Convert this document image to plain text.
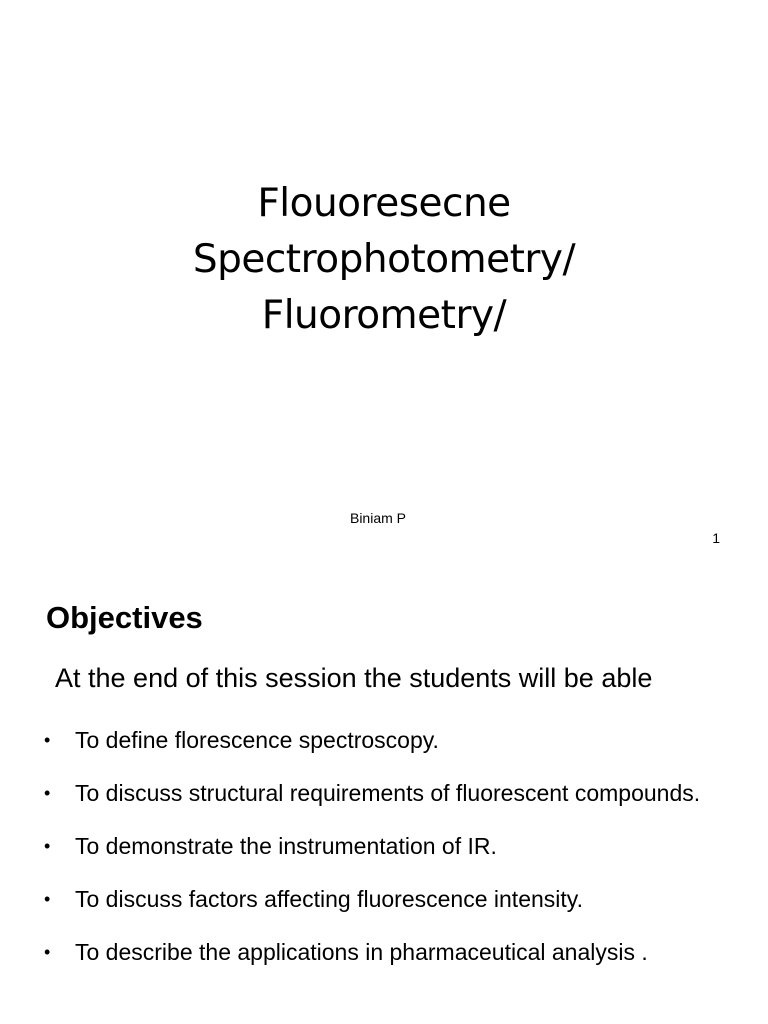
Flouoresecne
Spectrophotometry/
Fluorometry/
Biniam P
1
Objectives
At the end of this session the students will be able
• To define florescence spectroscopy.
• To discuss structural requirements of fluorescent compounds.
• To demonstrate the instrumentation of IR.
• To discuss factors affecting fluorescence intensity.
• To describe the applications in pharmaceutical analysis .
